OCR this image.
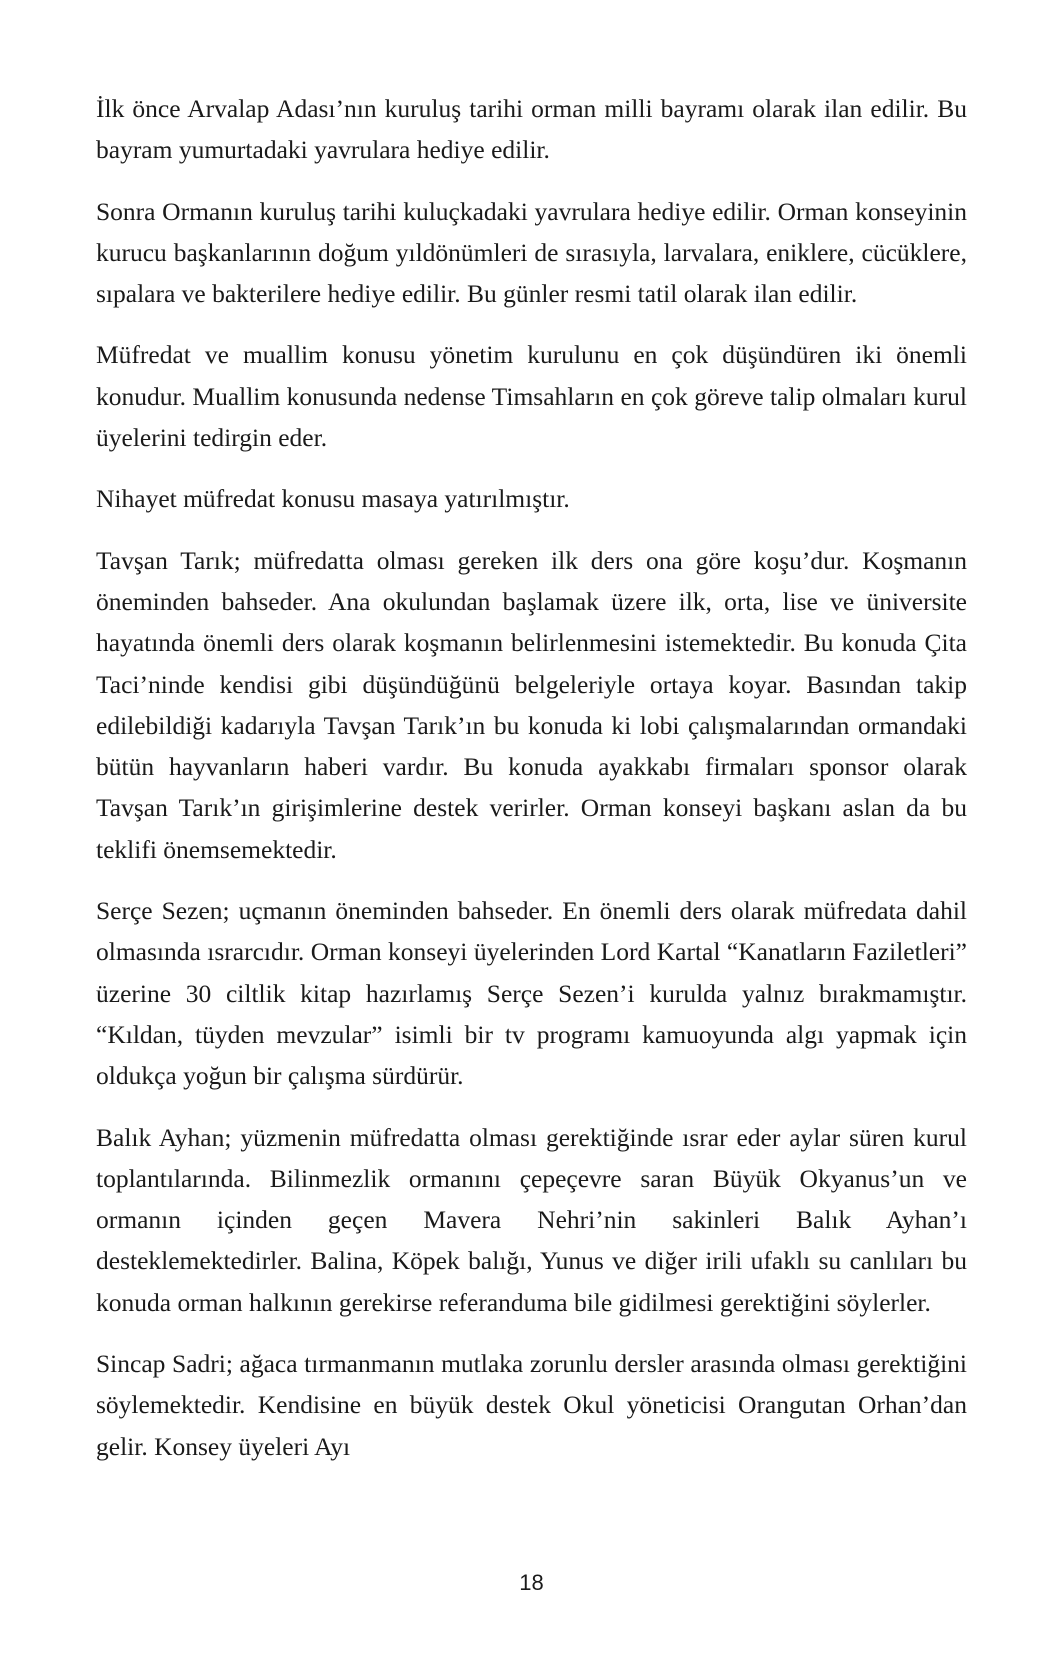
İlk önce Arvalap Adası’nın kuruluş tarihi orman milli bayramı olarak ilan edilir. Bu bayram yumurtadaki yavrulara hediye edilir.

Sonra Ormanın kuruluş tarihi kuluçkadaki yavrulara hediye edilir. Orman konseyinin kurucu başkanlarının doğum yıldönümleri de sırasıyla, larvalara, eniklere, cücüklere, sıpalara ve bakterilere hediye edilir. Bu günler resmi tatil olarak ilan edilir.

Müfredat ve muallim konusu yönetim kurulunu en çok düşündüren iki önemli konudur. Muallim konusunda nedense Timsahların en çok göreve talip olmaları kurul üyelerini tedirgin eder.

Nihayet müfredat konusu masaya yatırılmıştır.

Tavşan Tarık; müfredatta olması gereken ilk ders ona göre koşu’dur. Koşmanın öneminden bahseder. Ana okulundan başlamak üzere ilk, orta, lise ve üniversite hayatında önemli ders olarak koşmanın belirlenmesini istemektedir. Bu konuda Çita Taci’ninde kendisi gibi düşündüğünü belgeleriyle ortaya koyar. Basından takip edilebildiği kadarıyla Tavşan Tarık’ın bu konuda ki lobi çalışmalarından ormandaki bütün hayvanların haberi vardır. Bu konuda ayakkabı firmaları sponsor olarak Tavşan Tarık’ın girişimlerine destek verirler. Orman konseyi başkanı aslan da bu teklifi önemsemektedir.

Serçe Sezen; uçmanın öneminden bahseder. En önemli ders olarak müfredata dahil olmasında ısrarcıdır. Orman konseyi üyelerinden Lord Kartal “Kanatların Faziletleri” üzerine 30 ciltlik kitap hazırlamış Serçe Sezen’i kurulda yalnız bırakmamıştır. “Kıldan, tüyden mevzular” isimli bir tv programı kamuoyunda algı yapmak için oldukça yoğun bir çalışma sürdürür.

Balık Ayhan; yüzmenin müfredatta olması gerektiğinde ısrar eder aylar süren kurul toplantılarında. Bilinmezlik ormanını çepeçevre saran Büyük Okyanus’un ve ormanın içinden geçen Mavera Nehri’nin sakinleri Balık Ayhan’ı desteklemektedirler. Balina, Köpek balığı, Yunus ve diğer irili ufaklı su canlıları bu konuda orman halkının gerekirse referanduma bile gidilmesi gerektiğini söylerler.

Sincap Sadri; ağaca tırmanmanın mutlaka zorunlu dersler arasında olması gerektiğini söylemektedir. Kendisine en büyük destek Okul yöneticisi Orangutan Orhan’dan gelir. Konsey üyeleri Ayı

18
